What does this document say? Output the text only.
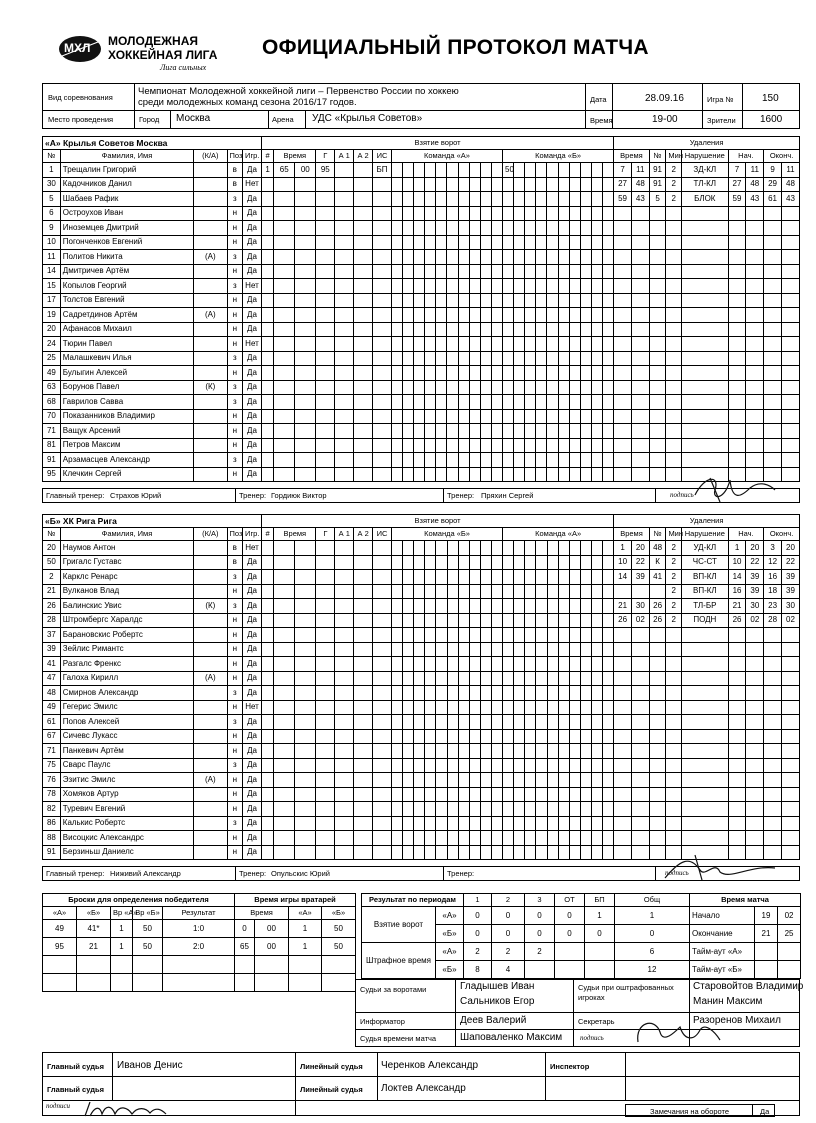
МХЛ МОЛОДЕЖНАЯ
ХОККЕЙНАЯ ЛИГА
Лига сильных
ОФИЦИАЛЬНЫЙ ПРОТОКОЛ МАТЧА
Вид соревнования
Чемпионат Молодежной хоккейной лиги – Первенство России по хоккею среди молодежных команд сезона 2016/17 годов.
Место проведения	Город Москва	Арена УДС «Крылья Советов»
Дата	28.09.16	Игра №	150
Время	19-00	Зрители 1600
«А» Крылья Советов Москва					Взятие ворот																											Удаления								
№	Фамилия, Имя	(К/А)	Поз	Игр.	#	Время		Г	А 1	А 2	ИС	Команда «А»										Команда «Б»										Время		№	Мин	Нарушение	Нач.		Оконч.	
1	Трещалин Григорий		в	Да	1	65	00	95			БП											50										7	11	91	2	ЗД-КЛ	7	11	9	11
30	Кадочников Данил		в	Нет																												27	48	91	2	ТЛ-КЛ	27	48	29	48
5	Шабаев Рафик		з	Да																												59	43	5	2	БЛОК	59	43	61	43
6	Остроухов Иван		н	Да																																				
9	Иноземцев Дмитрий		н	Да																																				
10	Погонченков Евгений		н	Да																																				
11	Политов Никита	(А)	з	Да																																				
14	Дмитричев Артём		н	Да																																				
15	Копылов Георгий		з	Нет																																				
17	Толстов Евгений		н	Да																																				
19	Садретдинов Артём	(А)	н	Да																																				
20	Афанасов Михаил		н	Да																																				
24	Тюрин Павел		н	Нет																																				
25	Малашкевич Илья		з	Да																																				
49	Булыгин Алексей		н	Да																																				
63	Борунов Павел	(К)	з	Да																																				
68	Гаврилов Савва		з	Да																																				
70	Показанников Владимир		н	Да																																				
71	Ващук Арсений		н	Да																																				
81	Петров Максим		н	Да																																				
91	Арзамасцев Александр		з	Да																																				
95	Клечкин Сергей		н	Да																																				
«Б» ХК Рига Рига					Взятие ворот																											Удаления								
№	Фамилия, Имя	(К/А)	Поз	Игр.	#	Время		Г	А 1	А 2	ИС	Команда «Б»										Команда «А»										Время		№	Мин	Нарушение	Нач.		Оконч.	
20	Наумов Антон		в	Нет																												1	20	48	2	УД-КЛ	1	20	3	20
50	Григалс Густавс		в	Да																												10	22	К	2	ЧС-СТ	10	22	12	22
2	Карклс Ренарс		з	Да																												14	39	41	2	ВП-КЛ	14	39	16	39
21	Вулканов Влад		н	Да																															2	ВП-КЛ	16	39	18	39
26	Балинскис Увис	(К)	з	Да																												21	30	26	2	ТЛ-БР	21	30	23	30
28	Штромбергс Харалдс		н	Да																												26	02	26	2	ПОДН	26	02	28	02
37	Барановскис Робертс		н	Да																																				
39	Зейлис Римантс		н	Да																																				
41	Разгалс Френкс		н	Да																																				
47	Галоха Кирилл	(А)	н	Да																																				
48	Смирнов Александр		з	Да																																				
49	Гегерис Эмилс		н	Нет																																				
61	Попов Алексей		з	Да																																				
67	Сичевс Лукасс		н	Да																																				
71	Панкевич Артём		н	Да																																				
75	Сварс Паулс		з	Да																																				
76	Эзитис Эмилс	(А)	н	Да																																				
78	Хомяков Артур		н	Да																																				
82	Туревич Евгений		н	Да																																				
86	Калькис Робертс		з	Да																																				
88	Висоцкис Александрс		н	Да																																				
91	Берзиньш Даниелс		н	Да																																				
Главный тренер: Страхов Юрий	Тренер: Гордиюк Виктор	Тренер: Пряхин Сергей	подпись
Главный тренер: Ниживий Александр	Тренер: Опульскис Юрий	Тренер:	подпись
Броски для определения победителя				
«А»	«Б»	Вр «А»	Вр «Б»	Результат
49	41*	1	50	1:0
95	21	1	50	2:0

Время игры вратарей			
Время		«А»	«Б»
0	00	1	50
65	00	1	50

Результат по периодам		1	2	3	ОТ	БП	Общ
Взятие ворот	«А»	0	0	0	0	1	1
	«Б»	0	0	0	0	0	0
Штрафное время	«А»	2	2	2			6
	«Б»	8	4				12
Время матча		
Начало	19	02
Окончание	21	25
Тайм-аут «А»		
Тайм-аут «Б»		
Судьи за воротами	Гладышев Иван
Сальников Егор
Судьи при оштрафованных игроках
Старовойтов Владимир
Манин Максим
Информатор	Деев Валерий	Секретарь	Разоренов Михаил
Судья времени матча Шаповаленко Максим	подпись
Главный судья Иванов Денис
Главный судья
Линейный судья Черенков Александр
Линейный судья Локтев Александр
Инспектор
подписи
Замечания на обороте	Да
